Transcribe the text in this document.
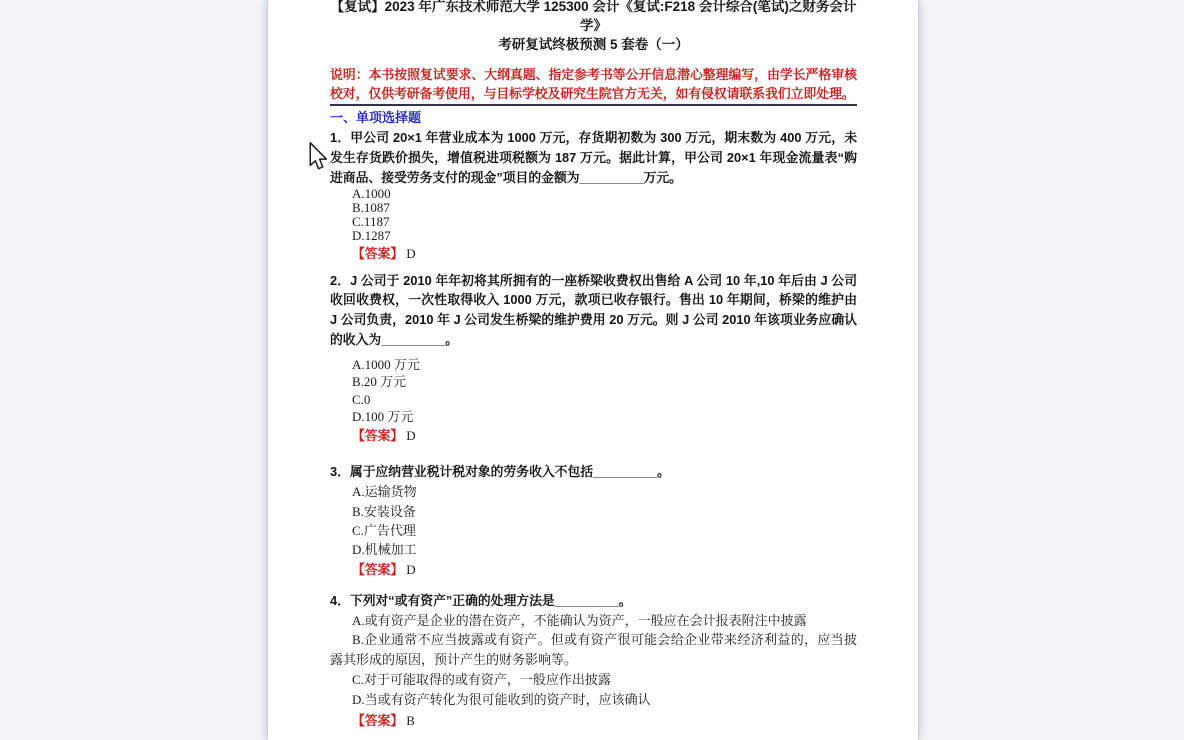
【复试】2023 年广东技术师范大学 125300 会计《复试:F218 会计综合(笔试)之财务会计学》
考研复试终极预测 5 套卷（一）
说明：本书按照复试要求、大纲真题、指定参考书等公开信息潜心整理编写，由学长严格审核校对，仅供考研备考使用，与目标学校及研究生院官方无关，如有侵权请联系我们立即处理。
一、单项选择题
1．甲公司 20×1 年营业成本为 1000 万元，存货期初数为 300 万元，期末数为 400 万元，未发生存货跌价损失，增值税进项税额为 187 万元。据此计算，甲公司 20×1 年现金流量表“购进商品、接受劳务支付的现金”项目的金额为_________万元。
A.1000
B.1087
C.1187
D.1287
【答案】 D
2．J 公司于 2010 年年初将其所拥有的一座桥梁收费权出售给 A 公司 10 年,10 年后由 J 公司收回收费权，一次性取得收入 1000 万元，款项已收存银行。售出 10 年期间，桥梁的维护由 J 公司负责，2010 年 J 公司发生桥梁的维护费用 20 万元。则 J 公司 2010 年该项业务应确认的收入为_________。
A.1000 万元
B.20 万元
C.0
D.100 万元
【答案】 D
3．属于应纳营业税计税对象的劳务收入不包括_________。
A.运输货物
B.安装设备
C.广告代理
D.机械加工
【答案】 D
4．下列对“或有资产”正确的处理方法是_________。
A.或有资产是企业的潜在资产，不能确认为资产，一般应在会计报表附注中披露
B.企业通常不应当披露或有资产。但或有资产很可能会给企业带来经济利益的，应当披露其形成的原因，预计产生的财务影响等。
C.对于可能取得的或有资产，一般应作出披露
D.当或有资产转化为很可能收到的资产时，应该确认
【答案】 B
